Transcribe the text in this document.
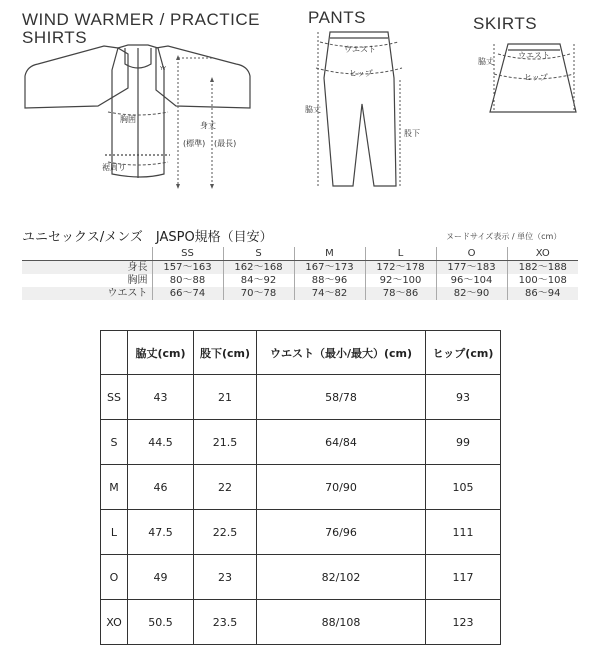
YY
WIND WARMER / PRACTICE
SHIRTS
PANTS	SKIRTS
胸囲
身丈
(標準) (最長)
裾周り
ウエスト
ヒップ
脇丈
股下
ウエスト
ヒップ
脇丈
ユニセックス/メンズ　JASPO規格（目安）	ヌードサイズ表示 / 単位（cm）
	SS	S	M	L	O	XO
身長	157～163	162～168	167～173	172～178	177～183	182～188
胸囲	80～88	84～92	88～96	92～100	96～104	100～108
ウエスト	66～74	70～78	74～82	78～86	82～90	86～94
	脇丈(cm)	股下(cm)	ウエスト（最小/最大）(cm)	ヒップ(cm)
SS	43	21	58/78	93
S	44.5	21.5	64/84	99
M	46	22	70/90	105
L	47.5	22.5	76/96	111
O	49	23	82/102	117
XO	50.5	23.5	88/108	123
